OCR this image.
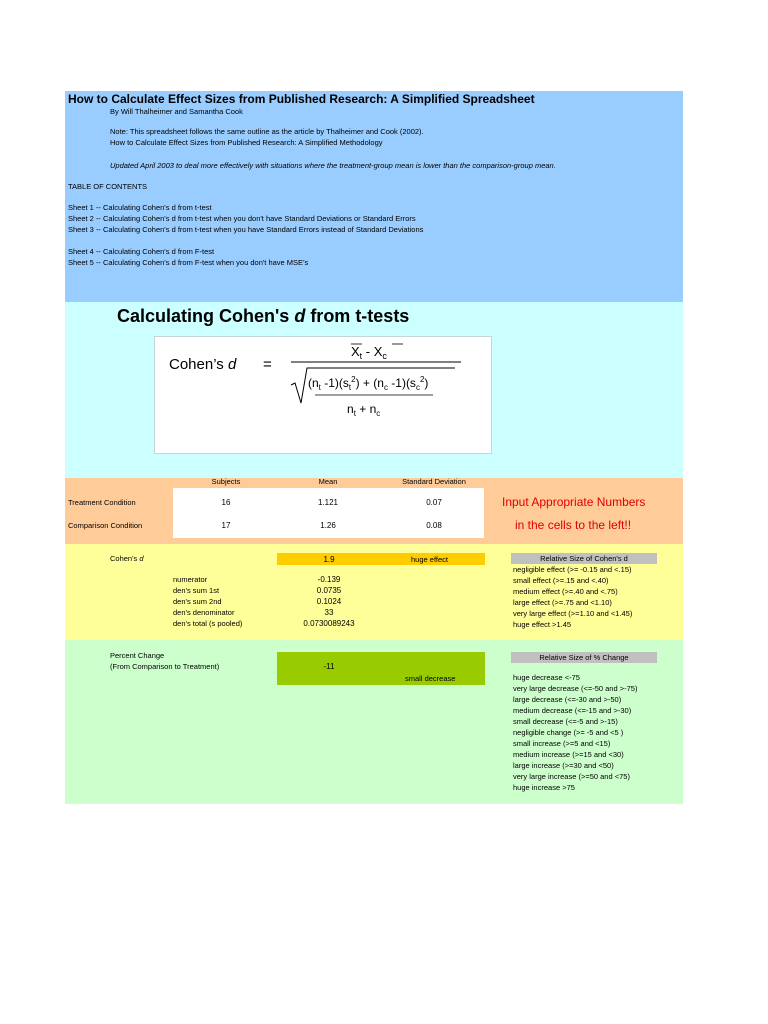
How to Calculate Effect Sizes from Published Research: A Simplified Spreadsheet
By Will Thalheimer and Samantha Cook
Note: This spreadsheet follows the same outline as the article by Thalheimer and Cook (2002).
How to Calculate Effect Sizes from Published Research: A Simplified Methodology
Updated April 2003 to deal more effectively with situations where the treatment-group mean is lower than the comparison-group mean.
TABLE OF CONTENTS
Sheet 1 -- Calculating Cohen's d from t-test
Sheet 2 -- Calculating Cohen's d from t-test when you don't have Standard Deviations or Standard Errors
Sheet 3 -- Calculating Cohen's d from t-test when you have Standard Errors instead of Standard Deviations
Sheet 4 -- Calculating Cohen's d from F-test
Sheet 5 -- Calculating Cohen's d from F-test when you don't have MSE's
Calculating Cohen's d from t-tests
Cohen’s d =
$X_t - X_c$
($n_t$ $-1)(s_t^2) + (n_c$ $-1)(s_c^2)$
$n_t + n_c$
Subjects	Mean	Standard Deviation
Treatment Condition	16	1.121	0.07
Comparison Condition	17	1.26	0.08
Input Appropriate Numbers
in the cells to the left!!
Cohen's d	1.9	huge effect
numerator	-0.139
den's sum 1st	0.0735
den's sum 2nd	0.1024
den's denominator	33
den's total (s pooled)	0.0730089243
Relative Size of Cohen's d
negligible effect (>= -0.15 and <.15)
small effect (>=.15 and <.40)
medium effect (>=.40 and <.75)
large effect (>=.75 and <1.10)
very large effect (>=1.10 and <1.45)
huge effect >1.45
Percent Change
(From Comparison to Treatment)	-11
small decrease
Relative Size of % Change
huge decrease <-75
very large decrease (<=-50 and >-75)
large decrease (<=-30 and >-50)
medium decrease (<=-15 and >-30)
small decrease (<=-5 and >-15)
negligible change (>= -5 and <5 )
small increase (>=5 and <15)
medium increase (>=15 and <30)
large increase (>=30 and <50)
very large increase (>=50 and <75)
huge increase >75
